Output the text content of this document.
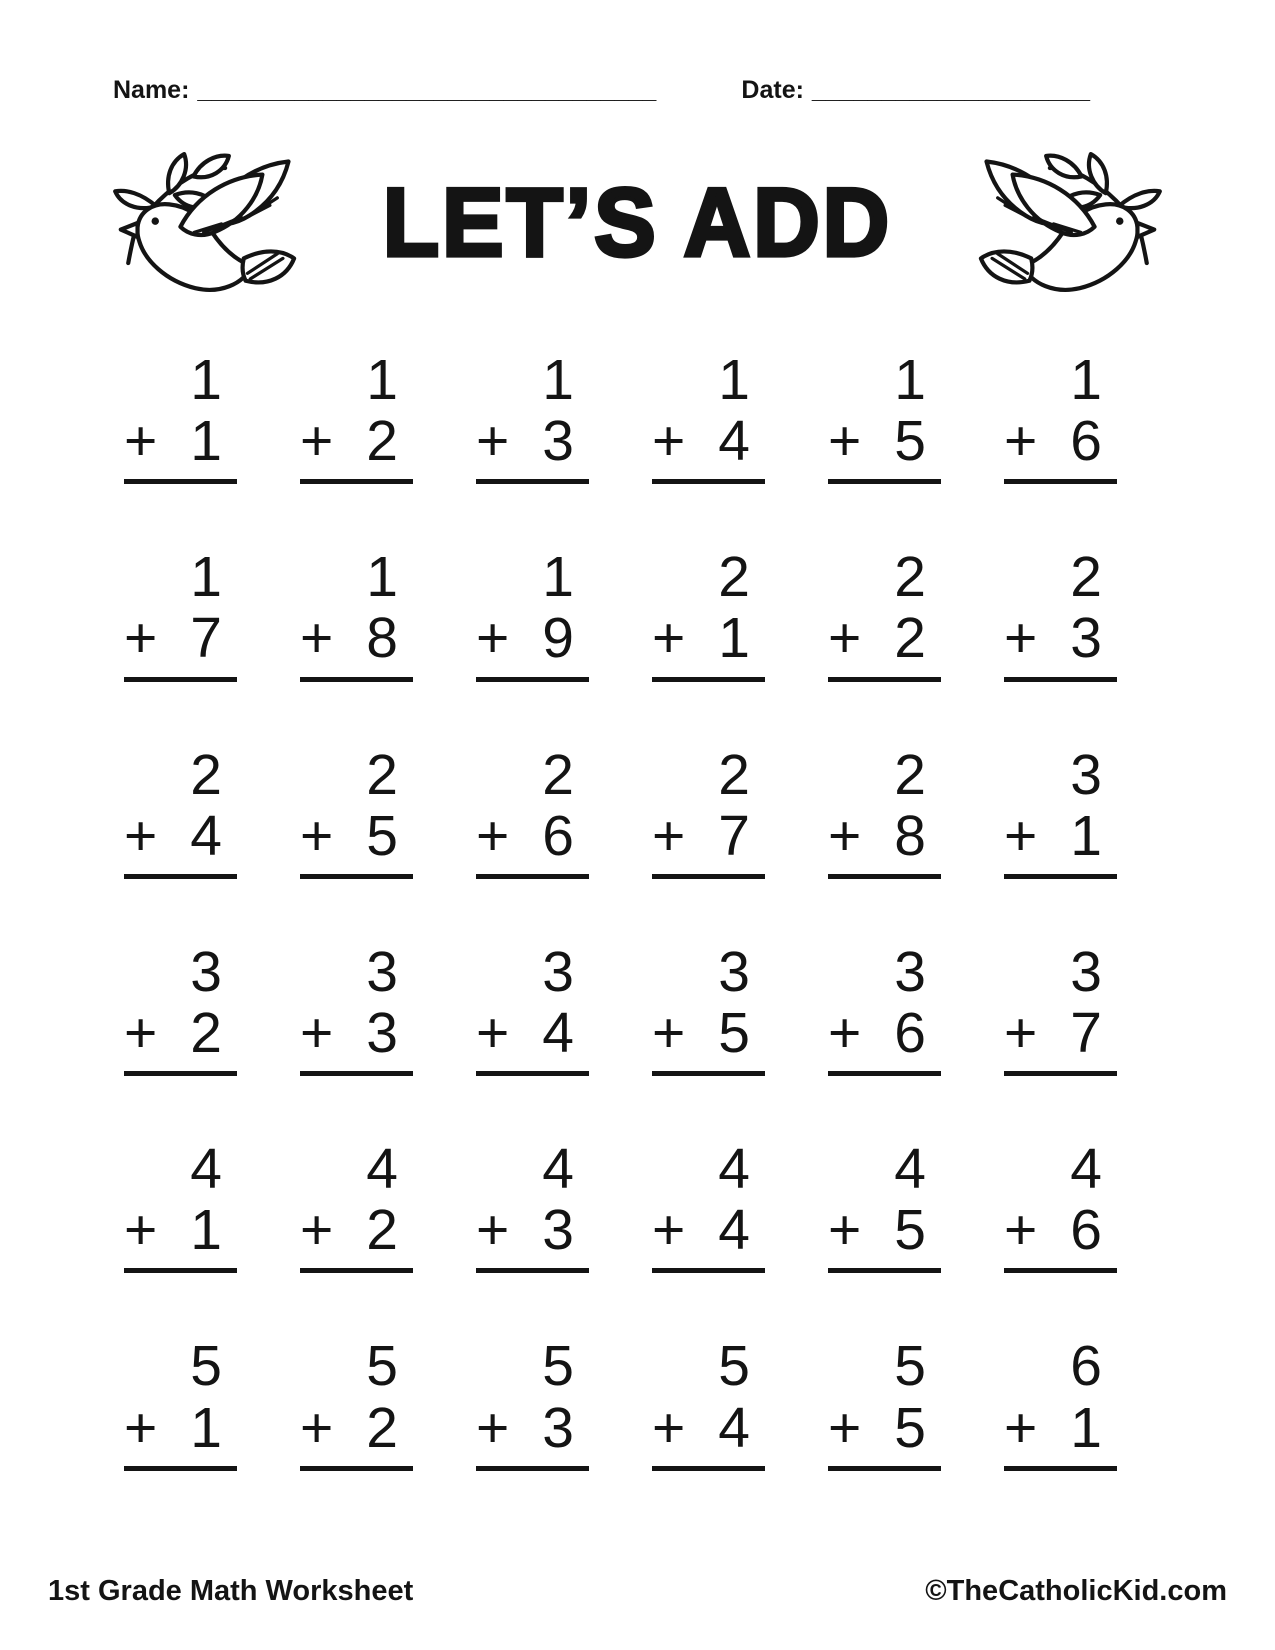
Name: _________________________________	Date: ____________________
LET’S ADD
1
+ 1
1
+ 2
1
+ 3
1
+ 4
1
+ 5
1
+ 6
1
+ 7
1
+ 8
1
+ 9
2
+ 1
2
+ 2
2
+ 3
2
+ 4
2
+ 5
2
+ 6
2
+ 7
2
+ 8
3
+ 1
3
+ 2
3
+ 3
3
+ 4
3
+ 5
3
+ 6
3
+ 7
4
+ 1
4
+ 2
4
+ 3
4
+ 4
4
+ 5
4
+ 6
5
+ 1
5
+ 2
5
+ 3
5
+ 4
5
+ 5
6
+ 1
1st Grade Math Worksheet	©TheCatholicKid.com
